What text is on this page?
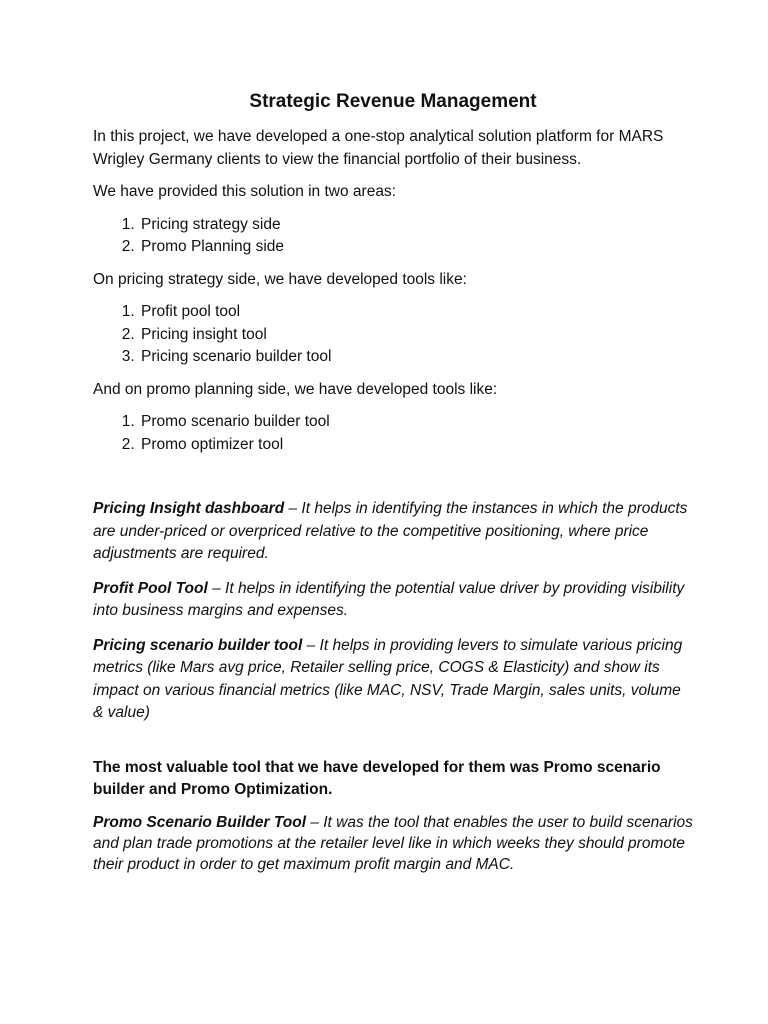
Strategic Revenue Management

In this project, we have developed a one-stop analytical solution platform for MARS Wrigley Germany clients to view the financial portfolio of their business.

We have provided this solution in two areas:

1. Pricing strategy side
2. Promo Planning side

On pricing strategy side, we have developed tools like:

1. Profit pool tool
2. Pricing insight tool
3. Pricing scenario builder tool

And on promo planning side, we have developed tools like:

1. Promo scenario builder tool
2. Promo optimizer tool

Pricing Insight dashboard – It helps in identifying the instances in which the products are under-priced or overpriced relative to the competitive positioning, where price adjustments are required.

Profit Pool Tool – It helps in identifying the potential value driver by providing visibility into business margins and expenses.

Pricing scenario builder tool – It helps in providing levers to simulate various pricing metrics (like Mars avg price, Retailer selling price, COGS & Elasticity) and show its impact on various financial metrics (like MAC, NSV, Trade Margin, sales units, volume & value)

The most valuable tool that we have developed for them was Promo scenario builder and Promo Optimization.

Promo Scenario Builder Tool – It was the tool that enables the user to build scenarios and plan trade promotions at the retailer level like in which weeks they should promote their product in order to get maximum profit margin and MAC.
